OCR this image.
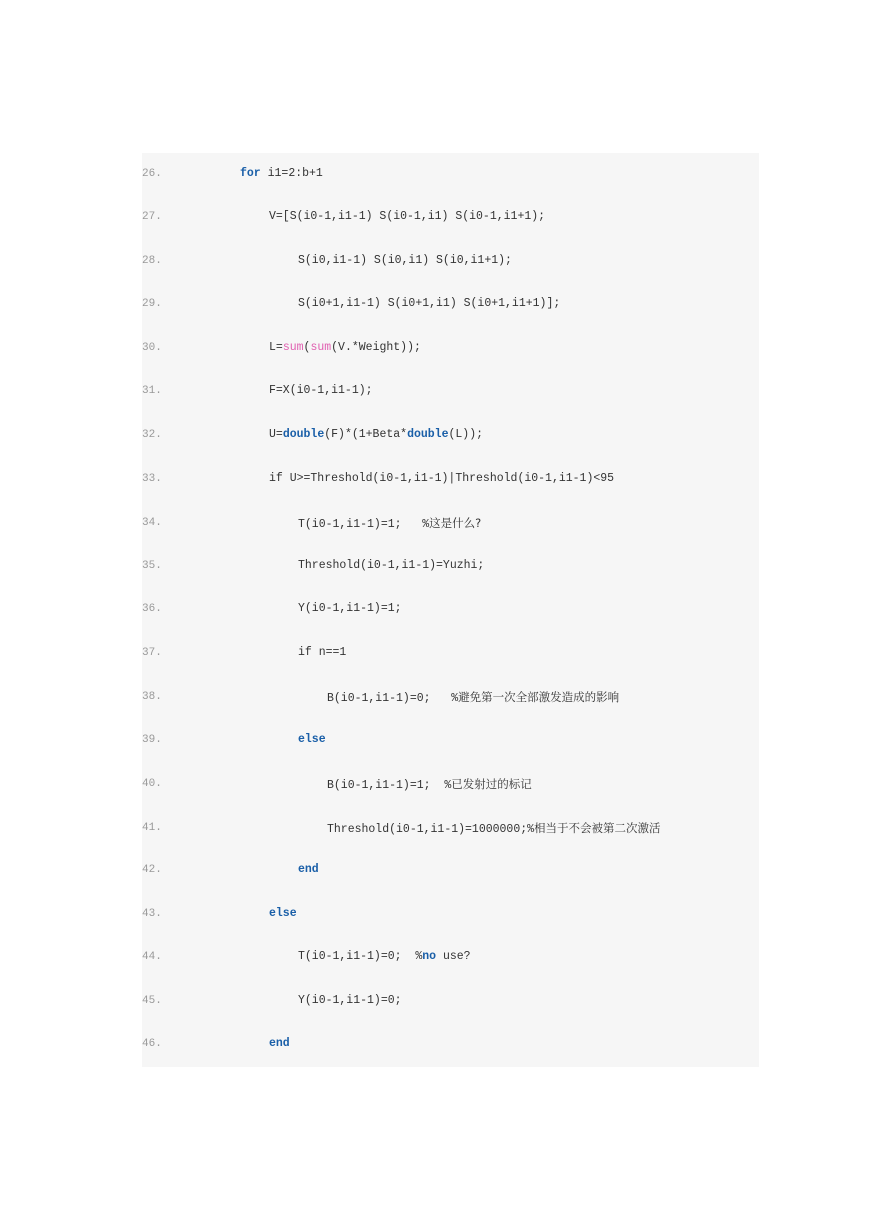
26.

	for i1=2:b+1

27.

	V=[S(i0-1,i1-1) S(i0-1,i1) S(i0-1,i1+1);

28.

	S(i0,i1-1) S(i0,i1) S(i0,i1+1);

29.

	S(i0+1,i1-1) S(i0+1,i1) S(i0+1,i1+1)];

30.

	L=sum(sum(V.*Weight));

31.

	F=X(i0-1,i1-1);

32.

	U=double(F)*(1+Beta*double(L));

33.

	if U>=Threshold(i0-1,i1-1)|Threshold(i0-1,i1-1)<95

34.

	T(i0-1,i1-1)=1;   %这是什么?

35.

	Threshold(i0-1,i1-1)=Yuzhi;

36.

	Y(i0-1,i1-1)=1;

37.

	if n==1

38.

	B(i0-1,i1-1)=0;   %避免第一次全部激发造成的影响

39.

	else

40.

	B(i0-1,i1-1)=1;  %已发射过的标记

41.

	Threshold(i0-1,i1-1)=1000000;%相当于不会被第二次激活

42.

	end

43.

	else

44.

	T(i0-1,i1-1)=0;  %no use?

45.

	Y(i0-1,i1-1)=0;

46.

	end
